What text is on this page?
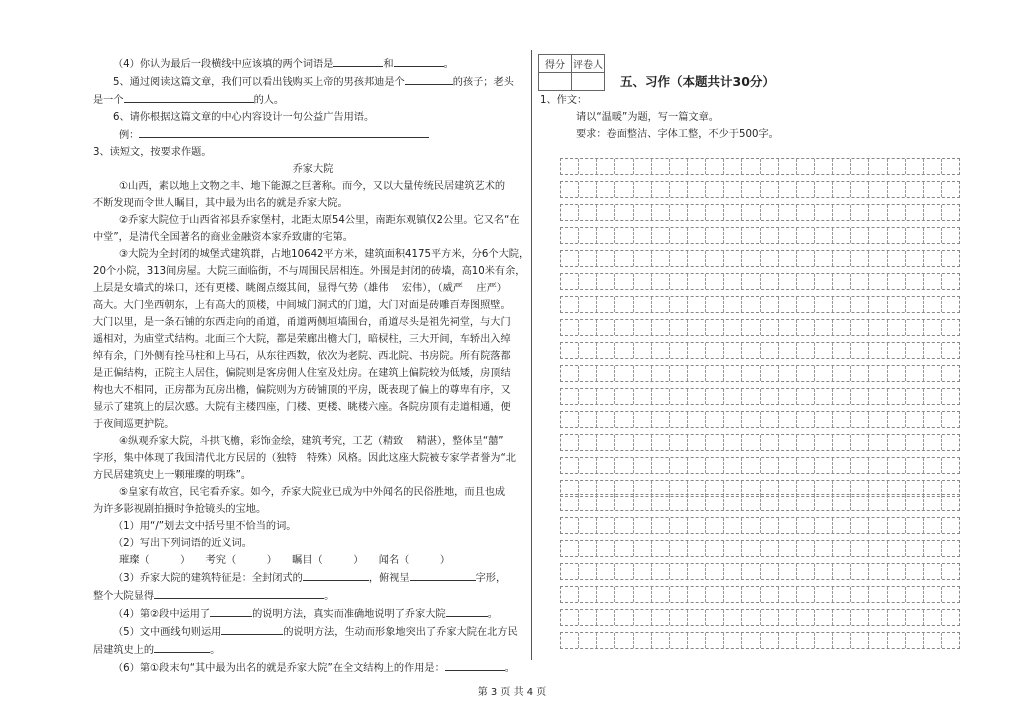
（4）你认为最后一段横线中应该填的两个词语是	和	。

5、通过阅读这篇文章，我们可以看出钱购买上帝的男孩邦迪是个	的孩子；老头

是一个	的人。

6、请你根据这篇文章的中心内容设计一句公益广告用语。

例：

3、读短文，按要求作题。

乔家大院

①山西，素以地上文物之丰、地下能源之巨著称。而今，又以大量传统民居建筑艺术的

不断发现而令世人瞩目，其中最为出名的就是乔家大院。

②乔家大院位于山西省祁县乔家堡村，北距太原54公里，南距东观镇仅2公里。它又名“在

中堂”，是清代全国著名的商业金融资本家乔致庸的宅第。

③大院为全封闭的城堡式建筑群，占地10642平方米，建筑面积4175平方米，分6个大院，

20个小院，313间房屋。大院三面临街，不与周围民居相连。外围是封闭的砖墙，高10米有余，

上层是女墙式的垛口，还有更楼、眺阁点缀其间，显得气势（雄伟　 宏伟），（威严　 庄严）

高大。大门坐西朝东，上有高大的顶楼，中间城门洞式的门道，大门对面是砖雕百寿图照壁。

大门以里，是一条石铺的东西走向的甬道，甬道两侧垣墙围台，甬道尽头是祖先祠堂，与大门

遥相对，为庙堂式结构。北面三个大院，都是荣廊出檐大门，暗棂柱，三大开间，车轿出入绰

绰有余，门外侧有拴马柱和上马石，从东往西数，依次为老院、西北院、书房院。所有院落都

是正偏结构，正院主人居住，偏院则是客房佣人住室及灶房。在建筑上偏院较为低矮，房顶结

构也大不相同，正房都为瓦房出檐，偏院则为方砖铺顶的平房，既表现了偏上的尊卑有序，又

显示了建筑上的层次感。大院有主楼四座，门楼、更楼、眺楼六座。各院房顶有走道相通，便

于夜间巡更护院。

④纵观乔家大院，斗拱飞檐，彩饰金绘，建筑考究，工艺（精致　 精湛），整体呈“囍”

字形，集中体现了我国清代北方民居的（独特　特殊）风格。因此这座大院被专家学者誉为“北

方民居建筑史上一颗璀璨的明珠”。

⑤皇家有故宫，民宅看乔家。如今，乔家大院业已成为中外闻名的民俗胜地，而且也成

为许多影视剧拍摄时争抢镜头的宝地。

（1）用“/”划去文中括号里不恰当的词。

（2）写出下列词语的近义词。

璀璨（　　　）　　考究（　　　）　　瞩目（　　　）　　闻名（　　　）

（3）乔家大院的建筑特征是：全封闭式的	，俯视呈	字形，

整个大院显得	。

（4）第②段中运用了	的说明方法，真实而准确地说明了乔家大院	。

（5）文中画线句则运用	的说明方法，生动而形象地突出了乔家大院在北方民

居建筑史上的	。

（6）第①段末句“其中最为出名的就是乔家大院”在全文结构上的作用是：	。

得分	评卷人

五、习作（本题共计30分）

1、作文：

请以“温暖”为题，写一篇文章。

要求：卷面整洁、字体工整，不少于500字。

第 3 页 共 4 页
